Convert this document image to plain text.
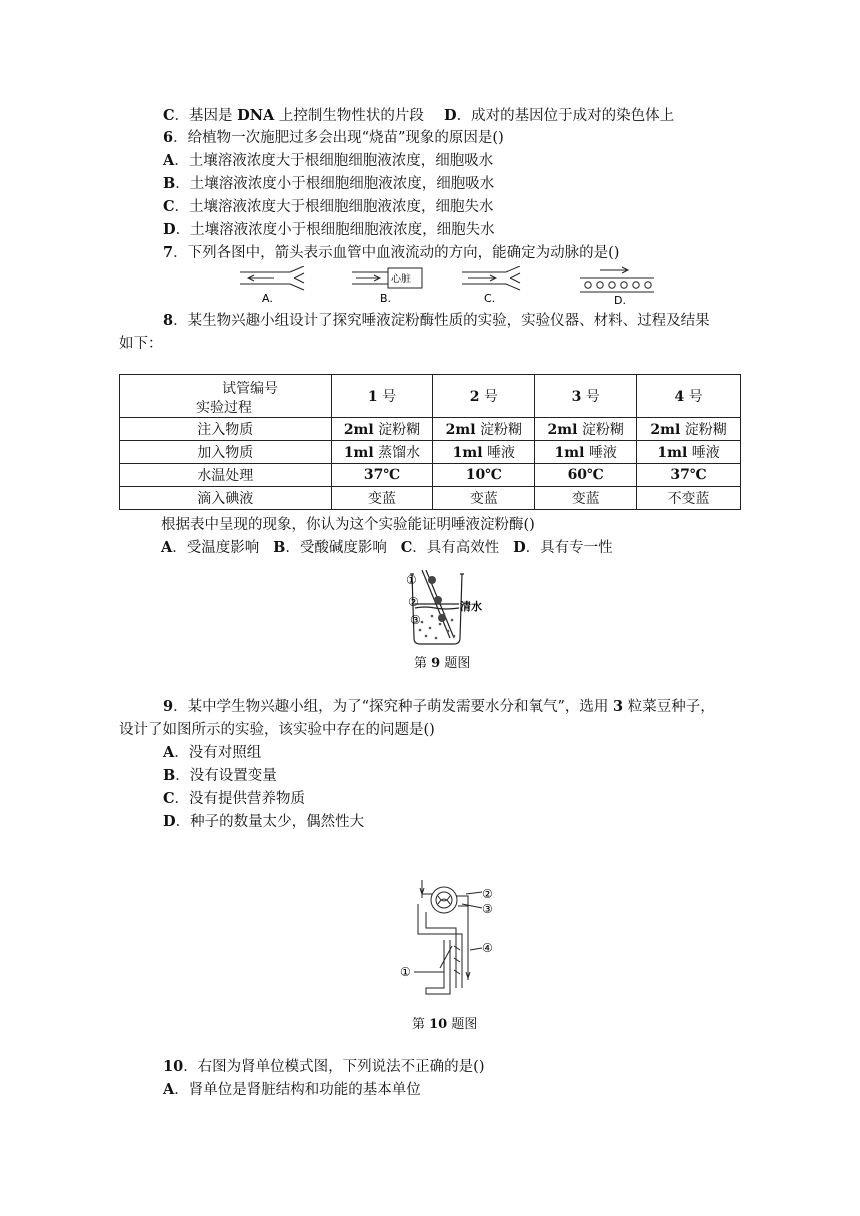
C．基因是 DNA 上控制生物性状的片段 D．成对的基因位于成对的染色体上
6．给植物一次施肥过多会出现“烧苗”现象的原因是()
A．土壤溶液浓度大于根细胞细胞液浓度，细胞吸水
B．土壤溶液浓度小于根细胞细胞液浓度，细胞吸水
C．土壤溶液浓度大于根细胞细胞液浓度，细胞失水
D．土壤溶液浓度小于根细胞细胞液浓度，细胞失水
7．下列各图中，箭头表示血管中血液流动的方向，能确定为动脉的是()
A.
心脏
B.	C.	D.
8．某生物兴趣小组设计了探究唾液淀粉酶性质的实验，实验仪器、材料、过程及结果
如下：
试管编号
实验过程	1 号	2 号	3 号	4 号
注入物质	2ml 淀粉糊	2ml 淀粉糊	2ml 淀粉糊	2ml 淀粉糊
加入物质	1ml 蒸馏水	1ml 唾液	1ml 唾液	1ml 唾液
水温处理	37℃	10℃	60℃	37℃
滴入碘液	变蓝	变蓝	变蓝	不变蓝
根据表中呈现的现象，你认为这个实验能证明唾液淀粉酶()
A．受温度影响 B．受酸碱度影响 C．具有高效性 D．具有专一性
①
②
③
清水
第 9 题图
9．某中学生物兴趣小组，为了“探究种子萌发需要水分和氧气”，选用 3 粒菜豆种子，
设计了如图所示的实验，该实验中存在的问题是()
A．没有对照组
B．没有设置变量
C．没有提供营养物质
D．种子的数量太少，偶然性大
②
③
④
①
第 10 题图
10．右图为肾单位模式图，下列说法不正确的是()
A．肾单位是肾脏结构和功能的基本单位
